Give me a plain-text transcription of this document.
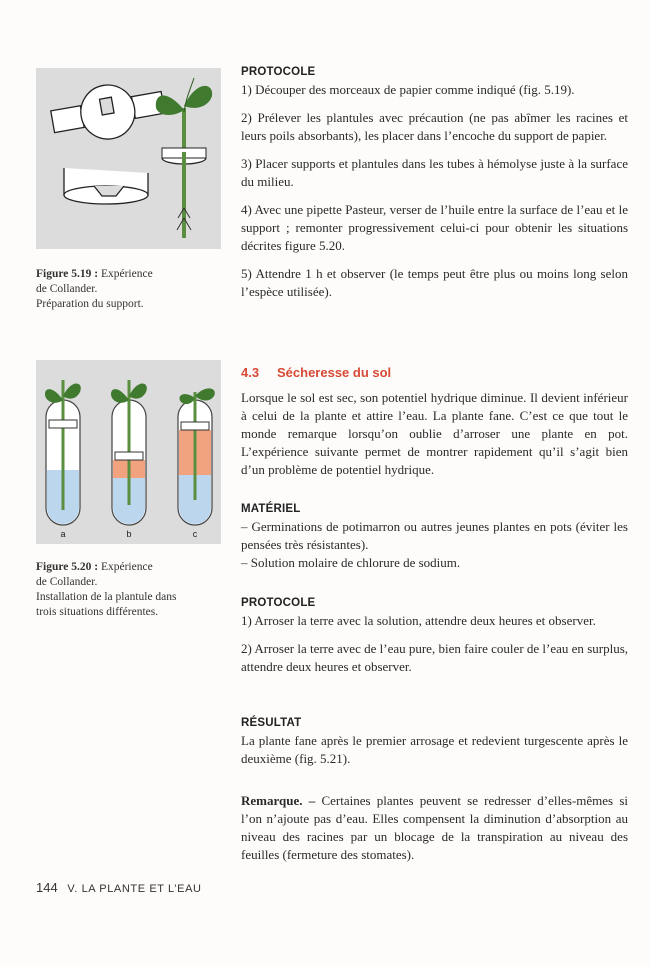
Figure 5.19 : Expérience
de Collander.
Préparation du support.
a	b	c
Figure 5.20 : Expérience
de Collander.
Installation de la plantule dans
trois situations différentes.

PROTOCOLE

1) Découper des morceaux de papier comme indiqué (fig. 5.19).

2) Prélever les plantules avec précaution (ne pas abîmer les racines et leurs poils absorbants), les placer dans l’encoche du support de papier.

3) Placer supports et plantules dans les tubes à hémolyse juste à la surface du milieu.

4) Avec une pipette Pasteur, verser de l’huile entre la surface de l’eau et le support ; remonter progressivement celui-ci pour obtenir les situations décrites figure 5.20.

5) Attendre 1 h et observer (le temps peut être plus ou moins long selon l’espèce utilisée).

4.3 Sécheresse du sol

Lorsque le sol est sec, son potentiel hydrique diminue. Il devient inférieur à celui de la plante et attire l’eau. La plante fane. C’est ce que tout le monde remarque lorsqu’on oublie d’arroser une plante en pot. L’expérience suivante permet de montrer rapidement qu’il s’agit bien d’un problème de potentiel hydrique.

MATÉRIEL

– Germinations de potimarron ou autres jeunes plantes en pots (éviter les pensées très résistantes).

– Solution molaire de chlorure de sodium.

PROTOCOLE

1) Arroser la terre avec la solution, attendre deux heures et observer.

2) Arroser la terre avec de l’eau pure, bien faire couler de l’eau en surplus, attendre deux heures et observer.

RÉSULTAT

La plante fane après le premier arrosage et redevient turgescente après le deuxième (fig. 5.21).

Remarque. – Certaines plantes peuvent se redresser d’elles-mêmes si l’on n’ajoute pas d’eau. Elles compensent la diminution d’absorption au niveau des racines par un blocage de la transpiration au niveau des feuilles (fermeture des stomates).

144 V. LA PLANTE ET L’EAU
